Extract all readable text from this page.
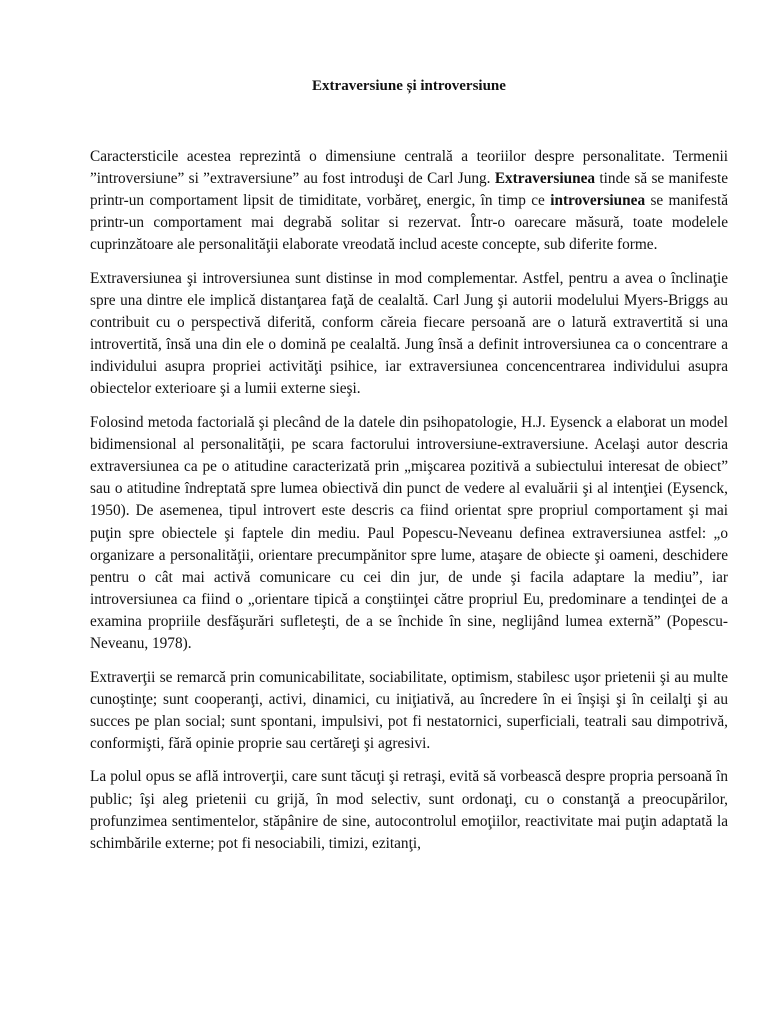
Extraversiune și introversiune

Caractersticile acestea reprezintă o dimensiune centrală a teoriilor despre personalitate. Termenii ”introversiune” si ”extraversiune” au fost introduşi de Carl Jung. Extraversiunea tinde să se manifeste printr-un comportament lipsit de timiditate, vorbăreţ, energic, în timp ce introversiunea se manifestă printr-un comportament mai degrabă solitar si rezervat. Într-o oarecare măsură, toate modelele cuprinzătoare ale personalităţii elaborate vreodată includ aceste concepte, sub diferite forme.

Extraversiunea şi introversiunea sunt distinse in mod complementar. Astfel, pentru a avea o înclinaţie spre una dintre ele implică distanţarea faţă de cealaltă. Carl Jung şi autorii modelului Myers-Briggs au contribuit cu o perspectivă diferită, conform căreia fiecare persoană are o latură extravertită si una introvertită, însă una din ele o domină pe cealaltă. Jung însă a definit introversiunea ca o concentrare a individului asupra propriei activităţi psihice, iar extraversiunea concencentrarea individului asupra obiectelor exterioare şi a lumii externe sieşi.

Folosind metoda factorială şi plecând de la datele din psihopatologie, H.J. Eysenck a elaborat un model bidimensional al personalităţii, pe scara factorului introversiune-extraversiune. Acelaşi autor descria extraversiunea ca pe o atitudine caracterizată prin „mişcarea pozitivă a subiectului interesat de obiect” sau o atitudine îndreptată spre lumea obiectivă din punct de vedere al evaluării şi al intenţiei (Eysenck, 1950). De asemenea, tipul introvert este descris ca fiind orientat spre propriul comportament şi mai puţin spre obiectele şi faptele din mediu. Paul Popescu-Neveanu definea extraversiunea astfel: „o organizare a personalităţii, orientare precumpănitor spre lume, ataşare de obiecte şi oameni, deschidere pentru o cât mai activă comunicare cu cei din jur, de unde şi facila adaptare la mediu”, iar introversiunea ca fiind o „orientare tipică a conştiinţei către propriul Eu, predominare a tendinţei de a examina propriile desfăşurări sufleteşti, de a se închide în sine, neglijând lumea externă” (Popescu-Neveanu, 1978).

Extraverţii se remarcă prin comunicabilitate, sociabilitate, optimism, stabilesc uşor prietenii şi au multe cunoştinţe; sunt cooperanţi, activi, dinamici, cu iniţiativă, au încredere în ei înşişi şi în ceilalţi şi au succes pe plan social; sunt spontani, impulsivi, pot fi nestatornici, superficiali, teatrali sau dimpotrivă, conformişti, fără opinie proprie sau certăreţi şi agresivi.

La polul opus se află introverţii, care sunt tăcuţi şi retraşi, evită să vorbească despre propria persoană în public; îşi aleg prietenii cu grijă, în mod selectiv, sunt ordonaţi, cu o constanţă a preocupărilor, profunzimea sentimentelor, stăpânire de sine, autocontrolul emoţiilor, reactivitate mai puţin adaptată la schimbările externe; pot fi nesociabili, timizi, ezitanţi,
